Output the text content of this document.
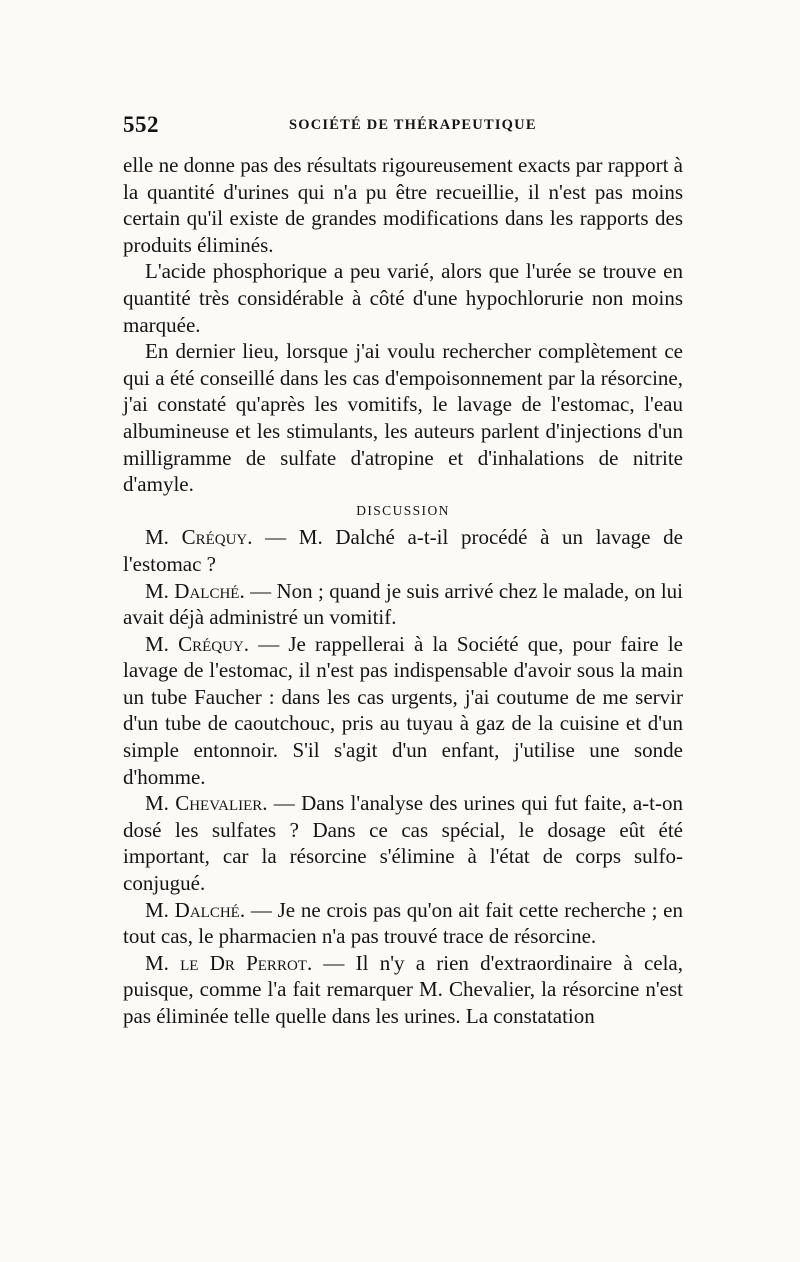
552	SOCIÉTÉ DE THÉRAPEUTIQUE

elle ne donne pas des résultats rigoureusement exacts par rapport à la quantité d'urines qui n'a pu être recueillie, il n'est pas moins certain qu'il existe de grandes modifications dans les rapports des produits éliminés.

L'acide phosphorique a peu varié, alors que l'urée se trouve en quantité très considérable à côté d'une hypochlorurie non moins marquée.

En dernier lieu, lorsque j'ai voulu rechercher complètement ce qui a été conseillé dans les cas d'empoisonnement par la résorcine, j'ai constaté qu'après les vomitifs, le lavage de l'estomac, l'eau albumineuse et les stimulants, les auteurs parlent d'injections d'un milligramme de sulfate d'atropine et d'inhalations de nitrite d'amyle.

DISCUSSION

M. Créquy. — M. Dalché a-t-il procédé à un lavage de l'estomac ?

M. Dalché. — Non ; quand je suis arrivé chez le malade, on lui avait déjà administré un vomitif.

M. Créquy. — Je rappellerai à la Société que, pour faire le lavage de l'estomac, il n'est pas indispensable d'avoir sous la main un tube Faucher : dans les cas urgents, j'ai coutume de me servir d'un tube de caoutchouc, pris au tuyau à gaz de la cuisine et d'un simple entonnoir. S'il s'agit d'un enfant, j'utilise une sonde d'homme.

M. Chevalier. — Dans l'analyse des urines qui fut faite, a-t-on dosé les sulfates ? Dans ce cas spécial, le dosage eût été important, car la résorcine s'élimine à l'état de corps sulfo-conjugué.

M. Dalché. — Je ne crois pas qu'on ait fait cette recherche ; en tout cas, le pharmacien n'a pas trouvé trace de résorcine.

M. le Dr Perrot. — Il n'y a rien d'extraordinaire à cela, puisque, comme l'a fait remarquer M. Chevalier, la résorcine n'est pas éliminée telle quelle dans les urines. La constatation
